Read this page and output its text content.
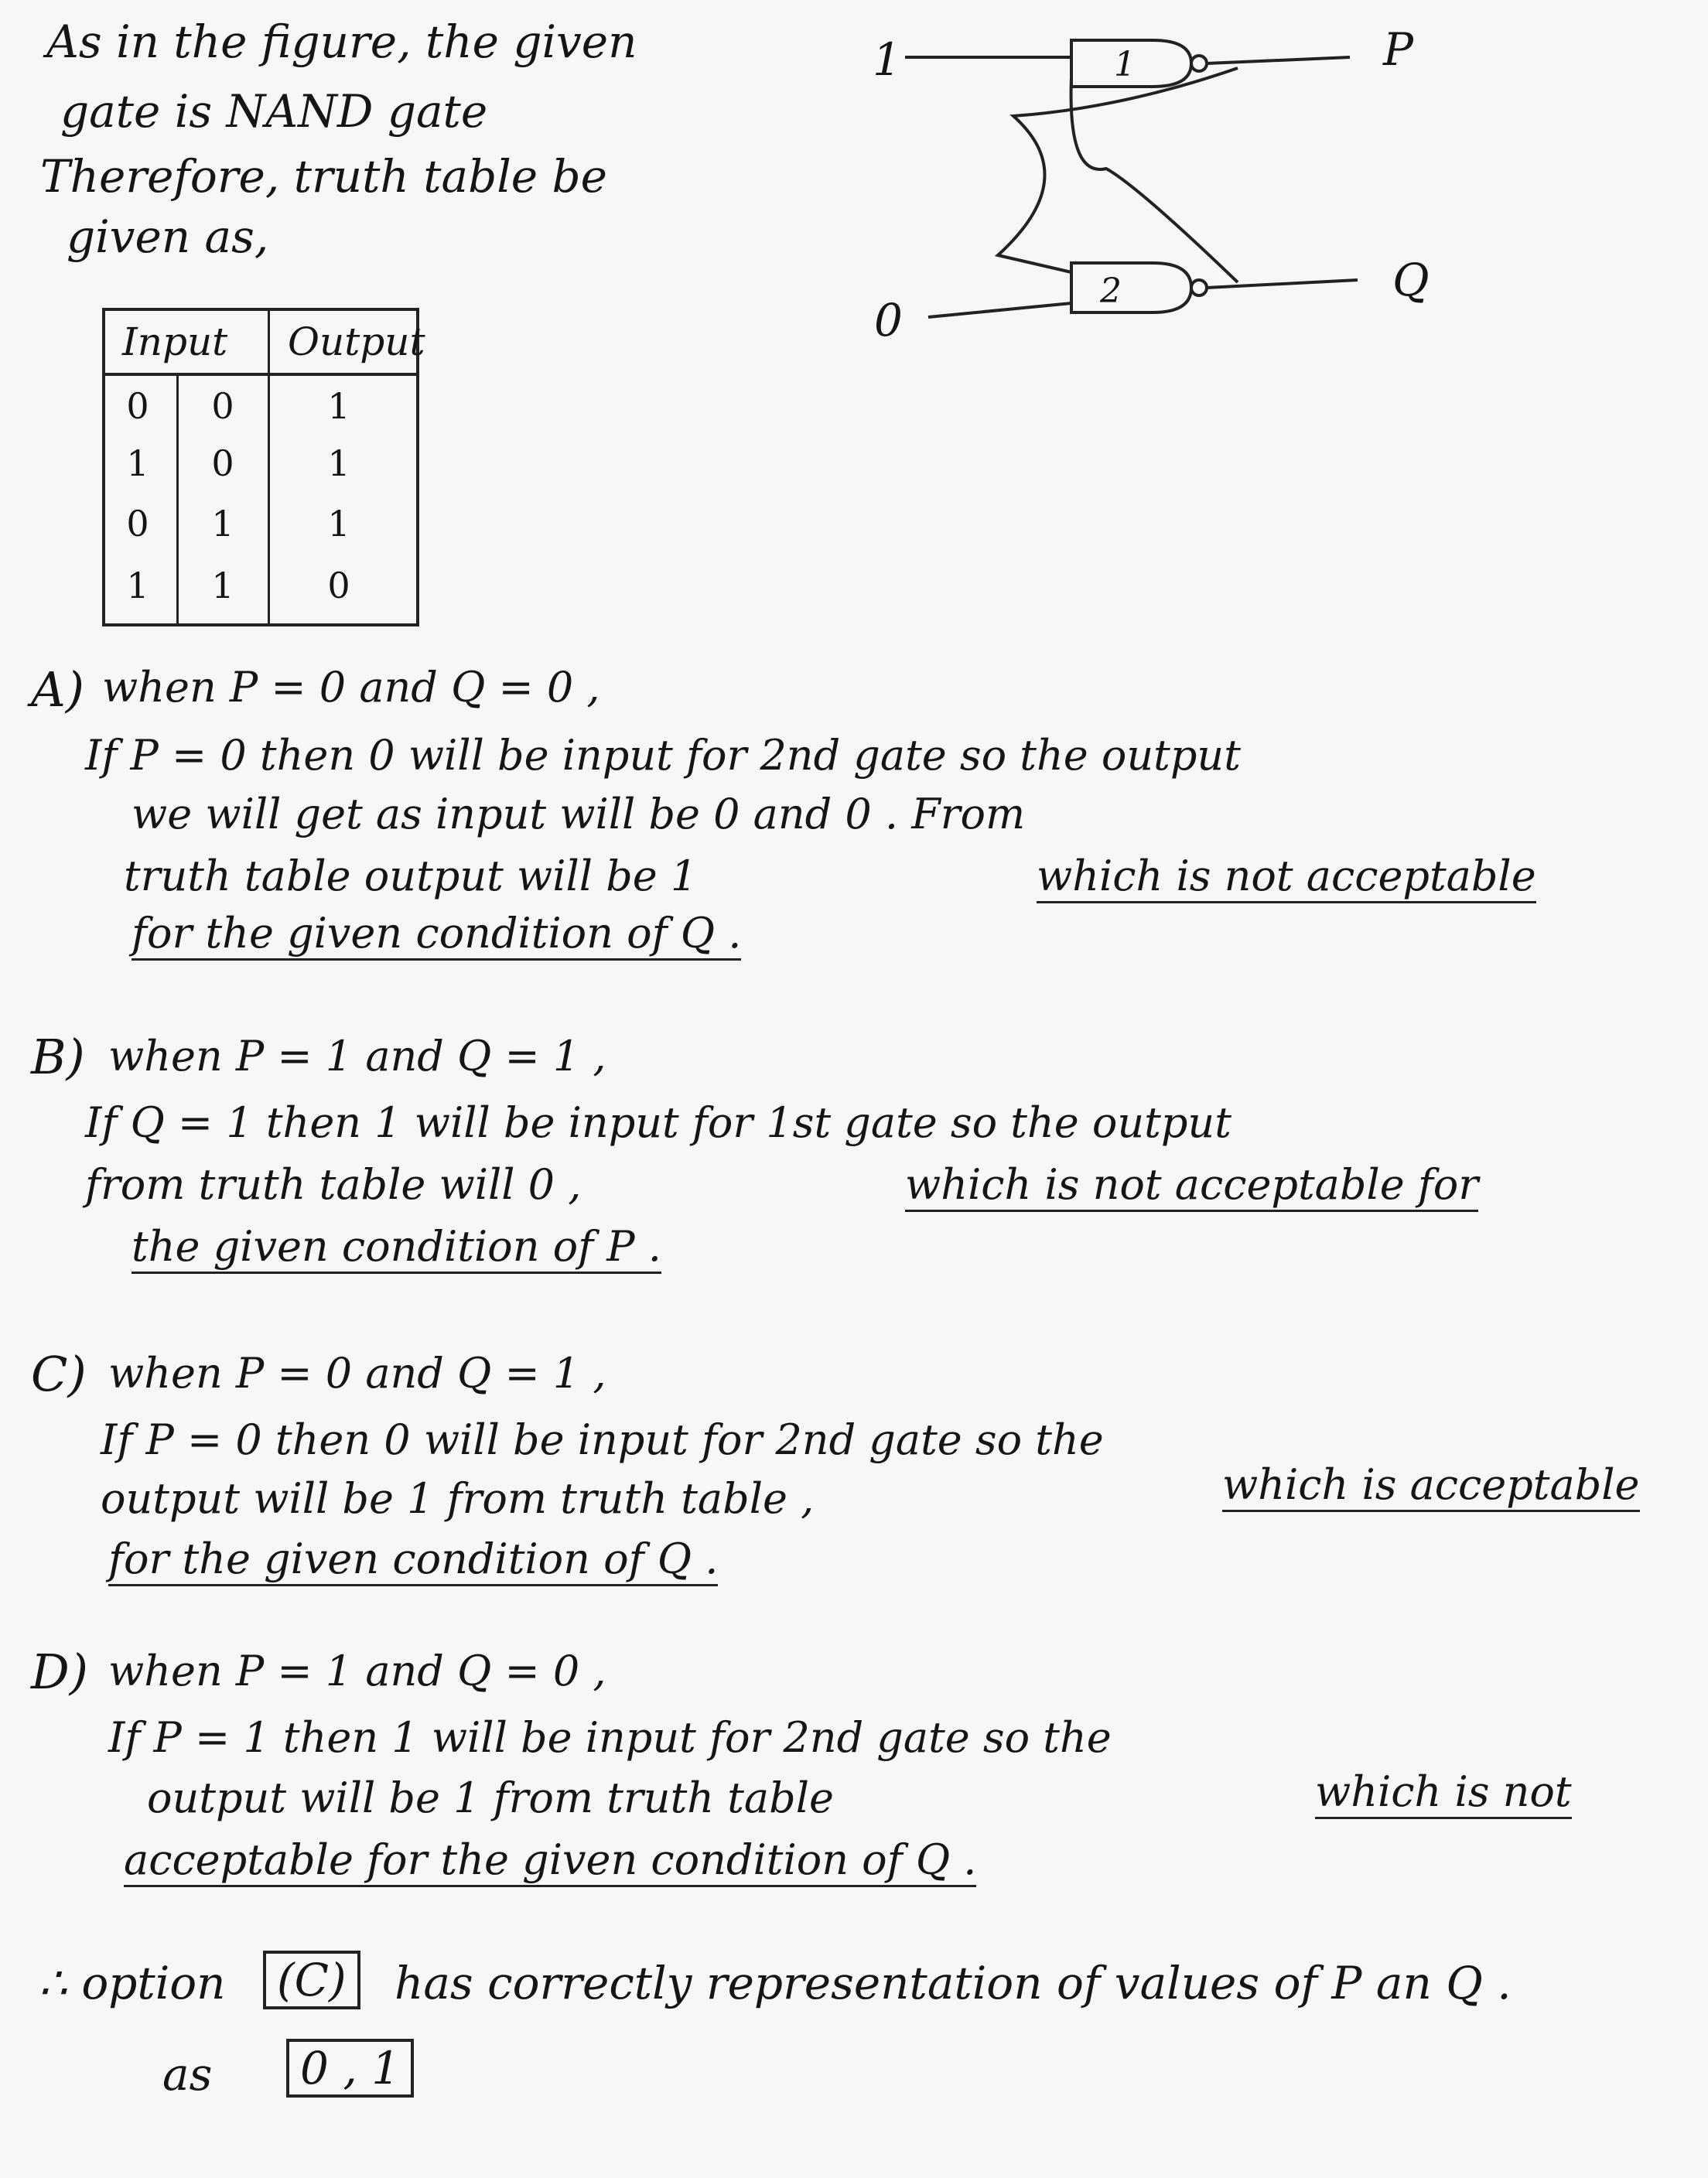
As in the figure, the given
gate is NAND gate
Therefore, truth table be
given as,
1
0
1
2
P
Q
Input Output
0	0	1
1	0	1
0	1	1
1	1	0
A) when P = 0 and Q = 0 ,
If P = 0 then 0 will be input for 2nd gate so the output
we will get as input will be 0 and 0 . From
truth table output will be 1	which is not acceptable
for the given condition of Q .
B) when P = 1 and Q = 1 ,
If Q = 1 then 1 will be input for 1st gate so the output
from truth table will 0 ,	which is not acceptable for
the given condition of P .
C) when P = 0 and Q = 1 ,
If P = 0 then 0 will be input for 2nd gate so the
output will be 1 from truth table ,	which is acceptable
for the given condition of Q .
D) when P = 1 and Q = 0 ,
If P = 1 then 1 will be input for 2nd gate so the
output will be 1 from truth table	which is not
acceptable for the given condition of Q .
∴ option	(C)	has correctly representation of values of P an Q .
as	0 , 1
